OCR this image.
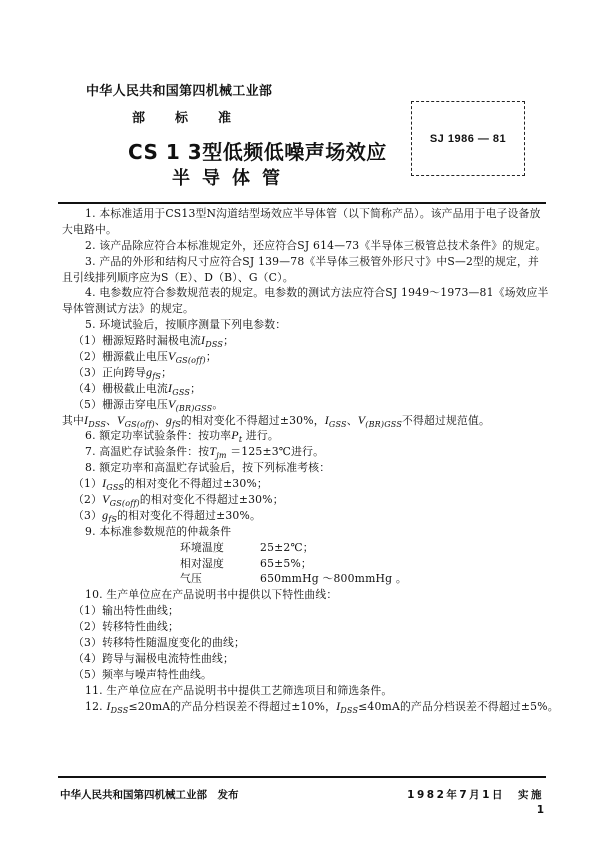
中华人民共和国第四机械工业部
部 标 准
CS 1 3型低频低噪声场效应
半导体管
SJ 1986 — 81
1. 本标准适用于CS13型N沟道结型场效应半导体管（以下简称产品）。该产品用于电子设备放
大电路中。
2. 该产品除应符合本标准规定外，还应符合SJ 614—73《半导体三极管总技术条件》的规定。
3. 产品的外形和结构尺寸应符合SJ 139—78《半导体三极管外形尺寸》中S—2型的规定，并
且引线排列顺序应为S（E）、D（B）、G（C）。
4. 电参数应符合参数规范表的规定。电参数的测试方法应符合SJ 1949～1973—81《场效应半
导体管测试方法》的规定。
5. 环境试验后，按顺序测量下列电参数：
（1）栅源短路时漏极电流$I_{DSS}$；
（2）栅源截止电压$V_{GS(off)}$；
（3）正向跨导$g_{fS}$；
（4）栅极截止电流$I_{GSS}$；
（5）栅源击穿电压$V_{(BR)GSS}$。
其中$I_{DSS}$、$V_{GS(off)}$、$g_{fS}$的相对变化不得超过±30%，$I_{GSS}$、$V_{(BR)GSS}$不得超过规范值。
6. 额定功率试验条件：按功率$P_t$ 进行。
7. 高温贮存试验条件：按$T_{jm}$ ＝125±3℃进行。
8. 额定功率和高温贮存试验后，按下列标准考核：
$(1)I_{GSS}$的相对变化不得超过±30%；
$(2)V_{GS(off)}$的相对变化不得超过±30%；
$(3)g_{fS}$的相对变化不得超过±30%。
9. 本标准参数规范的仲裁条件
环境温度	25±2℃；
相对湿度	65±5%；
气压	650mmHg ～800mmHg 。
10. 生产单位应在产品说明书中提供以下特性曲线：
（1）输出特性曲线；
（2）转移特性曲线；
（3）转移特性随温度变化的曲线；
（4）跨导与漏极电流特性曲线；
（5）频率与噪声特性曲线。
11. 生产单位应在产品说明书中提供工艺筛选项目和筛选条件。
12. $I_{DSS}\le 20mA$的产品分档误差不得超过±10%，$I_{DSS}\le 40mA$的产品分档误差不得超过±5%。
中华人民共和国第四机械工业部　发布	1982年7月1日　实施
1
